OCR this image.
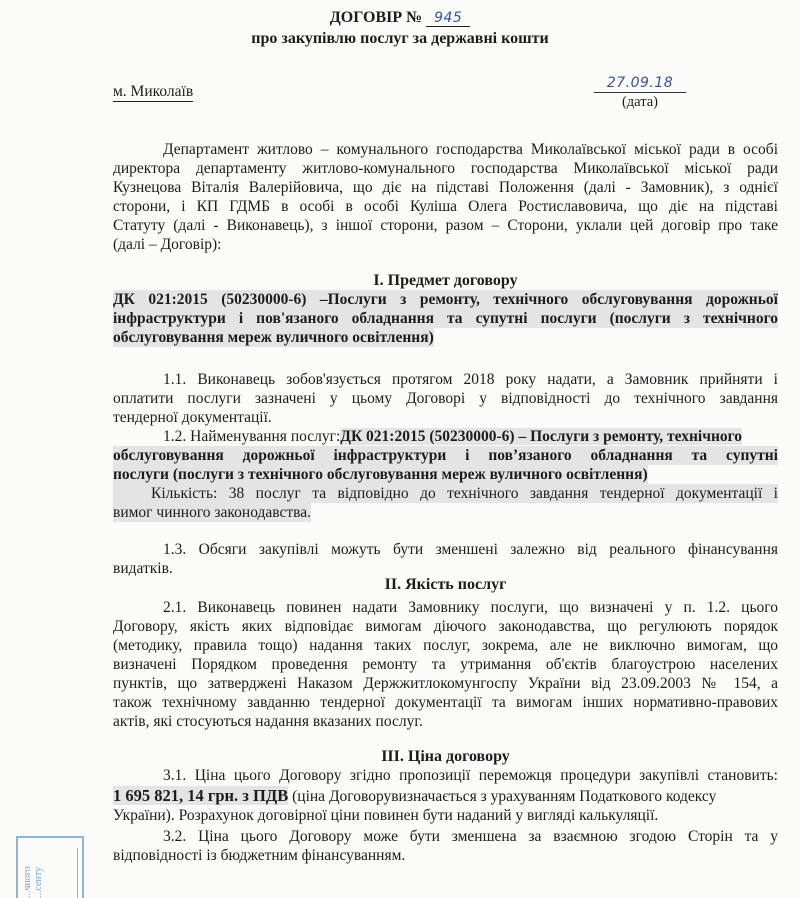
ДОГОВІР № 945
про закупівлю послуг за державні кошти
м. Миколаїв	27.09.18
(дата)
Департамент житлово – комунального господарства Миколаївської міської ради в особі
директора департаменту житлово-комунального господарства Миколаївської міської ради
Кузнецова Віталія Валерійовича, що діє на підставі Положення (далі - Замовник), з однієї
сторони, і КП ГДМБ в особі в особі Куліша Олега Ростиславовича, що діє на підставі
Статуту (далі - Виконавець), з іншої сторони, разом – Сторони, уклали цей договір про таке
(далі – Договір):
І. Предмет договору
ДК 021:2015 (50230000-6) –Послуги з ремонту, технічного обслуговування дорожньої
інфраструктури і пов'язаного обладнання та супутні послуги (послуги з технічного
обслуговування мереж вуличного освітлення)
1.1. Виконавець зобов'язується протягом 2018 року надати, а Замовник прийняти і
оплатити послуги зазначені у цьому Договорі у відповідності до технічного завдання
тендерної документації.
1.2. Найменування послуг:ДК 021:2015 (50230000-6) – Послуги з ремонту, технічного
обслуговування дорожньої інфраструктури і пов’язаного обладнання та супутні
послуги (послуги з технічного обслуговування мереж вуличного освітлення)
Кількість: 38 послуг та відповідно до технічного завдання тендерної документації і
вимог чинного законодавства.
1.3. Обсяги закупівлі можуть бути зменшені залежно від реального фінансування
видатків.
ІІ. Якість послуг
2.1. Виконавець повинен надати Замовнику послуги, що визначені у п. 1.2. цього
Договору, якість яких відповідає вимогам діючого законодавства, що регулюють порядок
(методику, правила тощо) надання таких послуг, зокрема, але не виключно вимогам, що
визначені Порядком проведення ремонту та утримання об'єктів благоустрою населених
пунктів, що затверджені Наказом Держжитлокомунгоспу України від 23.09.2003 № 154, а
також технічному завданню тендерної документації та вимогам інших нормативно-правових
актів, які стосуються надання вказаних послуг.
ІІІ. Ціна договору
3.1. Ціна цього Договору згідно пропозиції переможця процедури закупівлі становить:
1 695 821, 14 грн. з ПДВ (ціна Договорувизначається з урахуванням Податкового кодексу
України). Розрахунок договірної ціни повинен бути наданий у вигляді калькуляції.
3.2. Ціна цього Договору може бути зменшена за взаємною згодою Сторін та у
відповідності із бюджетним фінансуванням.
...чного ...сенту
